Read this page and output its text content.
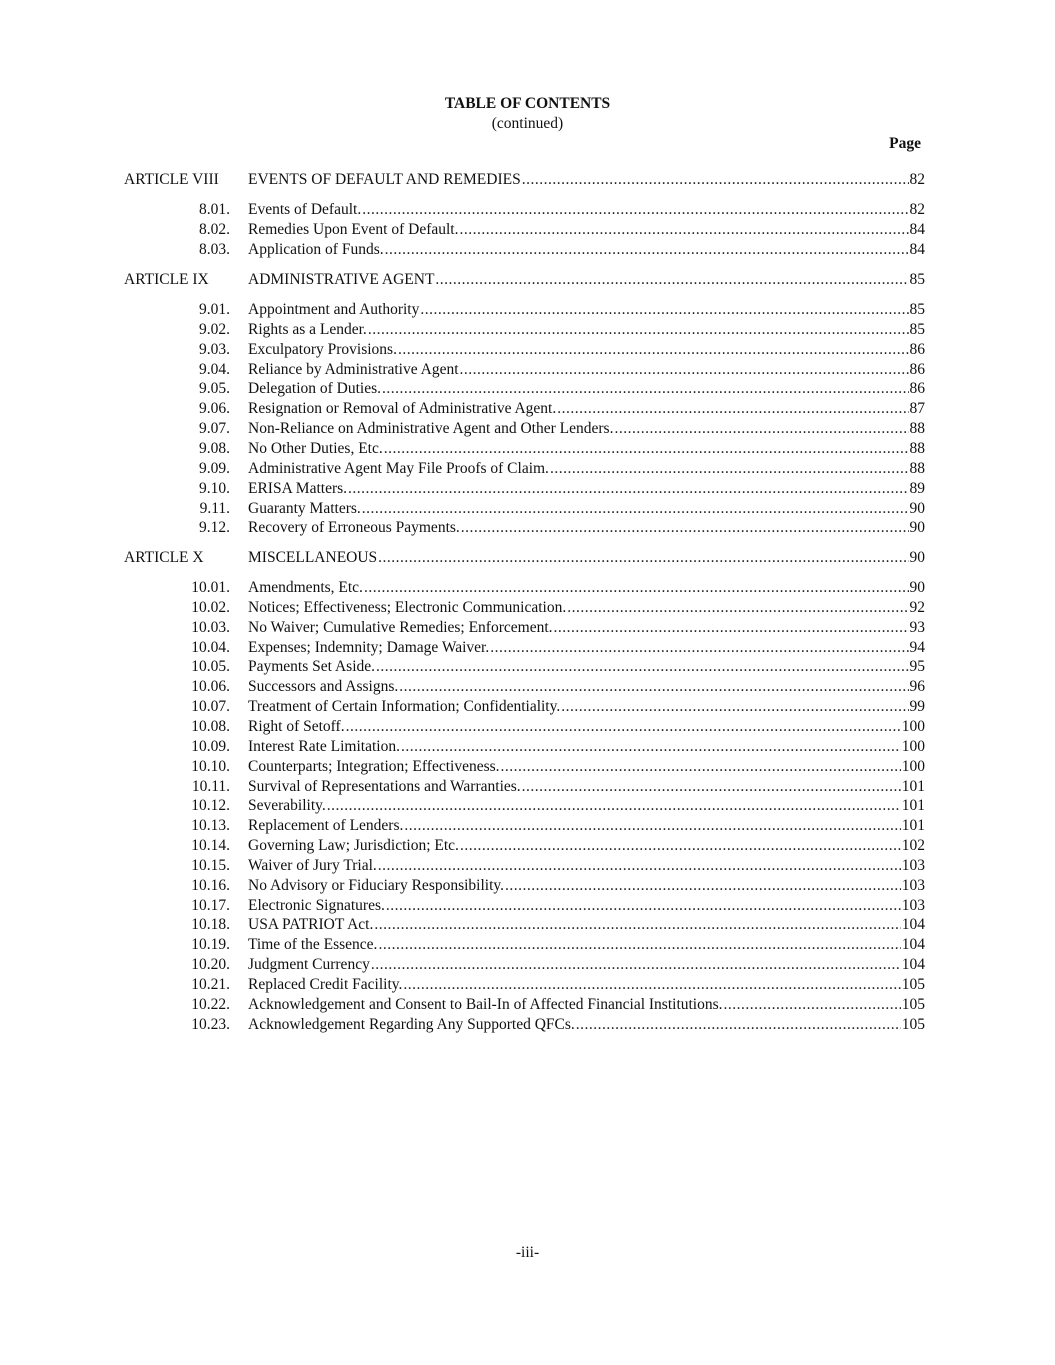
TABLE OF CONTENTS
(continued)
Page
ARTICLE VIII EVENTS OF DEFAULT AND REMEDIES .....	82
8.01. Events of Default. .....	82
8.02. Remedies Upon Event of Default. .....	84
8.03. Application of Funds. .....	84
ARTICLE IX	ADMINISTRATIVE AGENT .....	85
9.01. Appointment and Authority .....	85
9.02. Rights as a Lender. .....	85
9.03. Exculpatory Provisions. .....	86
9.04. Reliance by Administrative Agent .....	86
9.05. Delegation of Duties. .....	86
9.06. Resignation or Removal of Administrative Agent. .....	87
9.07. Non-Reliance on Administrative Agent and Other Lenders. .....	88
9.08. No Other Duties, Etc. .....	88
9.09. Administrative Agent May File Proofs of Claim. .....	88
9.10. ERISA Matters. .....	89
9.11. Guaranty Matters. .....	90
9.12. Recovery of Erroneous Payments. .....	90
ARTICLE X	MISCELLANEOUS .....	90
10.01. Amendments, Etc. .....	90
10.02. Notices; Effectiveness; Electronic Communication. .....	92
10.03. No Waiver; Cumulative Remedies; Enforcement. .....	93
10.04. Expenses; Indemnity; Damage Waiver. .....	94
10.05. Payments Set Aside. .....	95
10.06. Successors and Assigns. .....	96
10.07. Treatment of Certain Information; Confidentiality. .....	99
10.08. Right of Setoff. .....	100
10.09. Interest Rate Limitation. .....	100
10.10. Counterparts; Integration; Effectiveness. .....	100
10.11. Survival of Representations and Warranties. .....	101
10.12. Severability. .....	101
10.13. Replacement of Lenders. .....	101
10.14. Governing Law; Jurisdiction; Etc. .....	102
10.15. Waiver of Jury Trial. .....	103
10.16. No Advisory or Fiduciary Responsibility. .....	103
10.17. Electronic Signatures. .....	103
10.18. USA PATRIOT Act. .....	104
10.19. Time of the Essence. .....	104
10.20. Judgment Currency .....	104
10.21. Replaced Credit Facility. .....	105
10.22. Acknowledgement and Consent to Bail-In of Affected Financial Institutions. .....	105
10.23. Acknowledgement Regarding Any Supported QFCs. .....	105
-iii-
